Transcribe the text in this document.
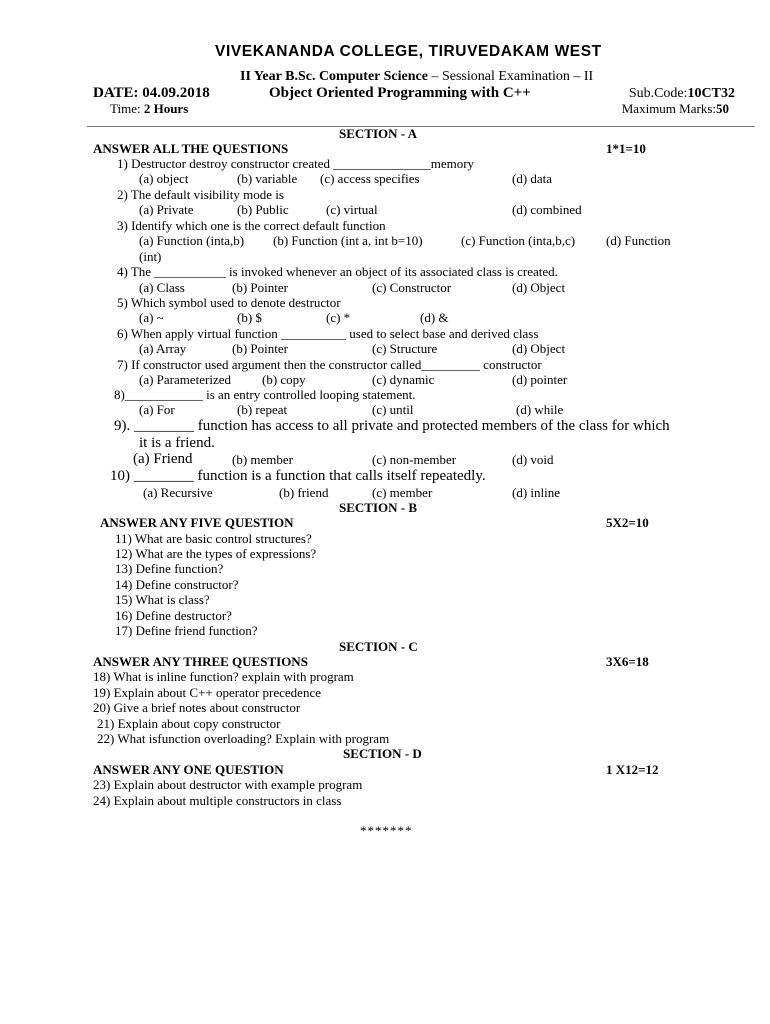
VIVEKANANDA COLLEGE, TIRUVEDAKAM WEST
II Year B.Sc. Computer Science – Sessional Examination – II
DATE: 04.09.2018	Object Oriented Programming with C++	Sub.Code:10CT32
Time: 2 Hours	Maximum Marks:50
SECTION - A
ANSWER ALL THE QUESTIONS	1*1=10
1) Destructor destroy constructor created _______________memory
(a) object	(b) variable (c) access specifies	(d) data
2) The default visibility mode is
(a) Private	(b) Public	(c) virtual	(d) combined
3) Identify which one is the correct default function
(a) Function (inta,b) (b) Function (int a, int b=10)	(c) Function (inta,b,c) (d) Function
(int)
4) The ___________ is invoked whenever an object of its associated class is created.
(a) Class	(b) Pointer	(c) Constructor	(d) Object
5) Which symbol used to denote destructor
(a) ~	(b) $	(c) *	(d) &
6) When apply virtual function __________ used to select base and derived class
(a) Array	(b) Pointer	(c) Structure	(d) Object
7) If constructor used argument then the constructor called_________ constructor
(a) Parameterized (b) copy	(c) dynamic	(d) pointer
8)____________ is an entry controlled looping statement.
(a) For	(b) repeat	(c) until	(d) while
9). ________ function has access to all private and protected members of the class for which
it is a friend.
(a) Friend	(b) member	(c) non-member	(d) void
10) ________ function is a function that calls itself repeatedly.
(a) Recursive	(b) friend	(c) member	(d) inline
SECTION - B
ANSWER ANY FIVE QUESTION	5X2=10
11) What are basic control structures?
12) What are the types of expressions?
13) Define function?
14) Define constructor?
15) What is class?
16) Define destructor?
17) Define friend function?
SECTION - C
ANSWER ANY THREE QUESTIONS	3X6=18
18) What is inline function? explain with program
19) Explain about C++ operator precedence
20) Give a brief notes about constructor
21) Explain about copy constructor
22) What isfunction overloading? Explain with program
SECTION - D
ANSWER ANY ONE QUESTION	1 X12=12
23) Explain about destructor with example program
24) Explain about multiple constructors in class
*******
